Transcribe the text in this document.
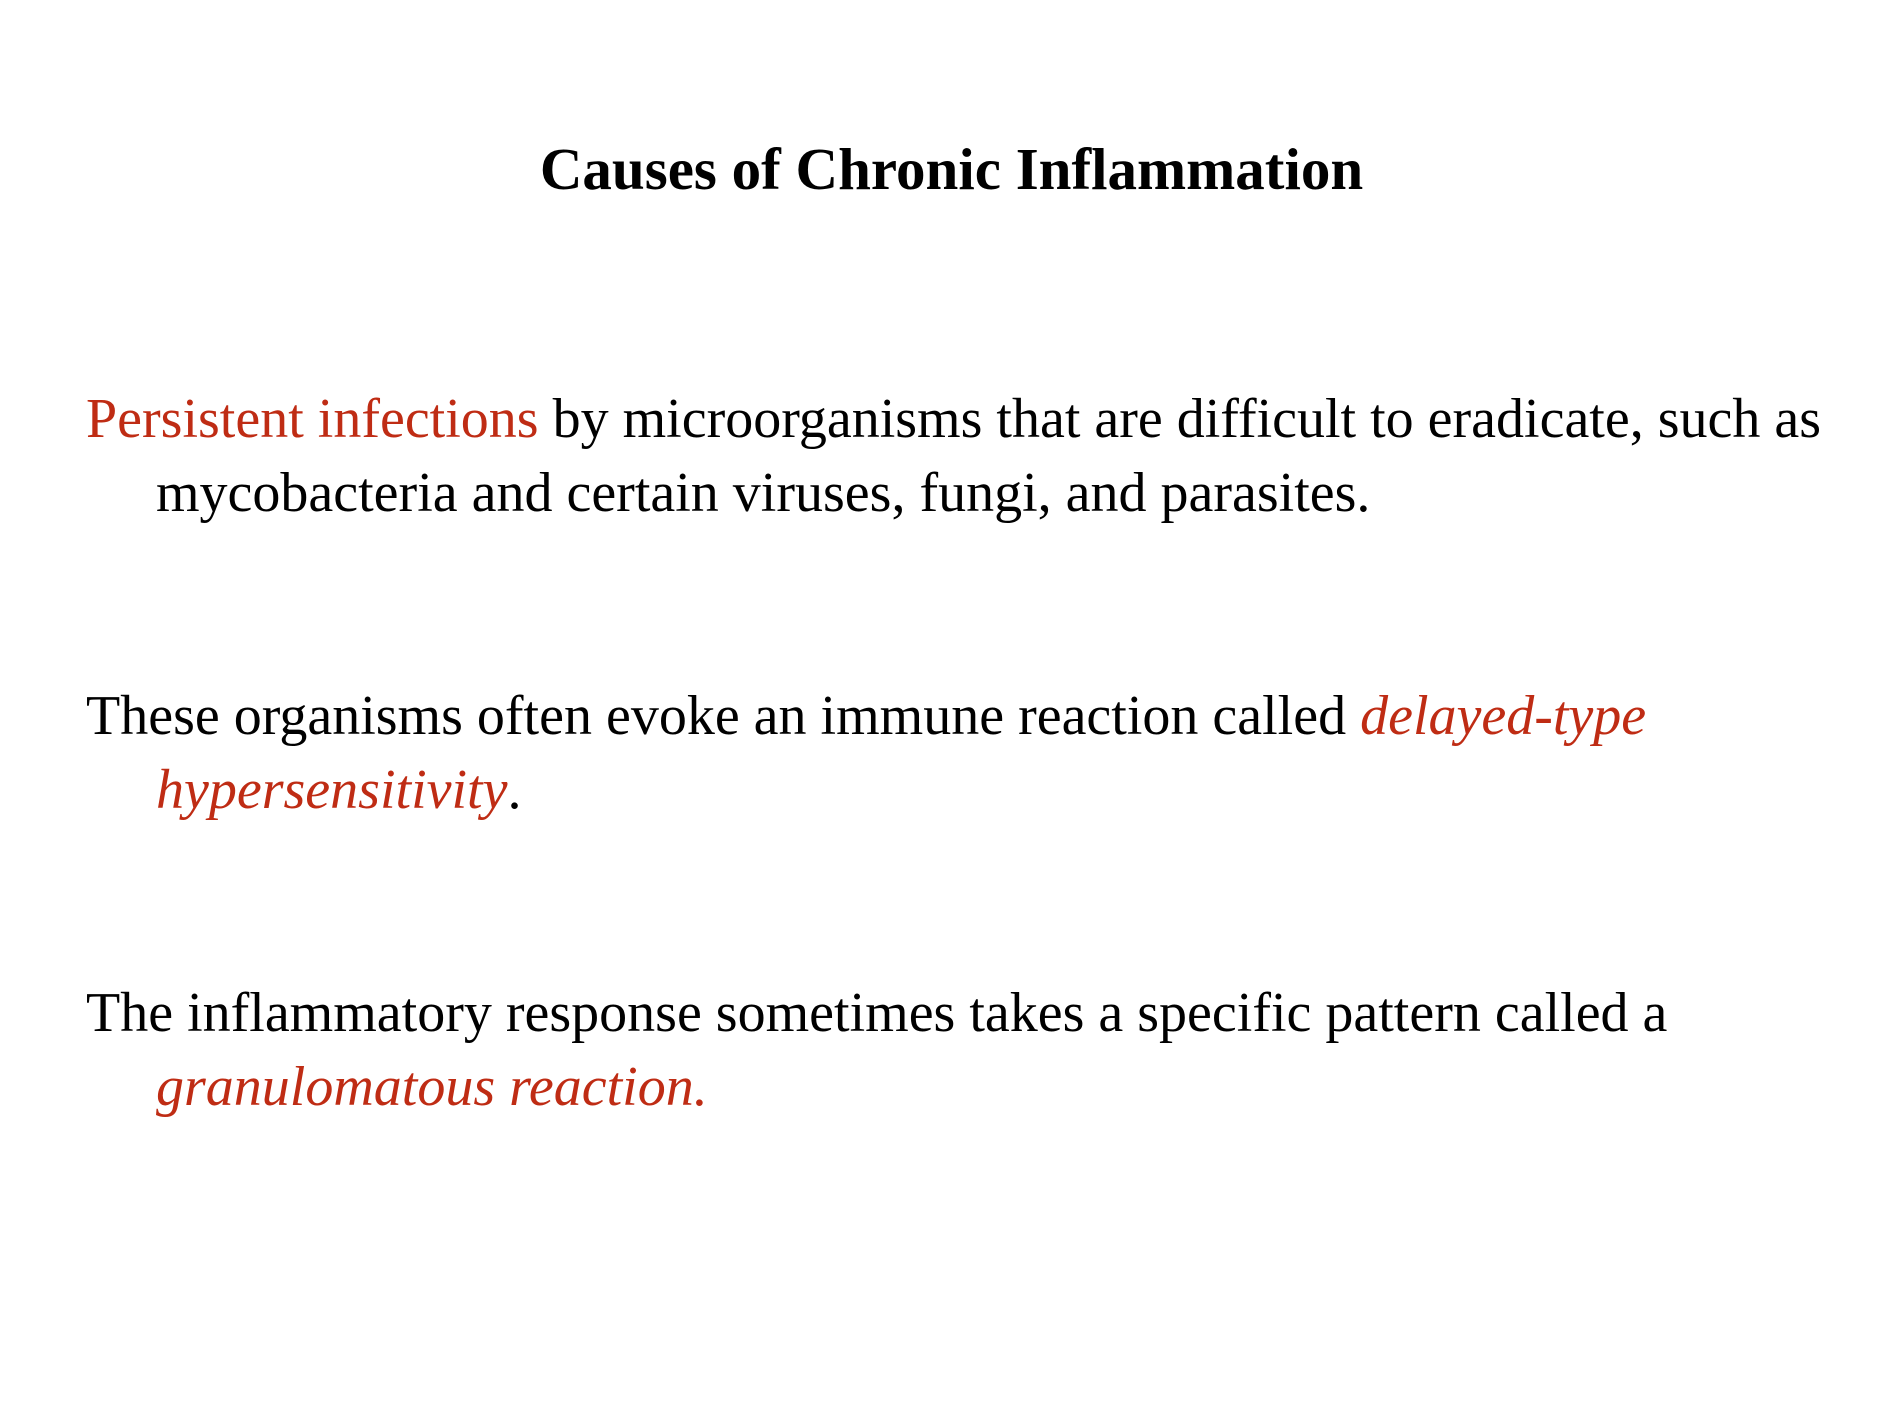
Causes of Chronic Inflammation

Persistent infections by microorganisms that are difficult to eradicate, such as mycobacteria and certain viruses, fungi, and parasites.

These organisms often evoke an immune reaction called delayed-type hypersensitivity.

The inflammatory response sometimes takes a specific pattern called a granulomatous reaction.
